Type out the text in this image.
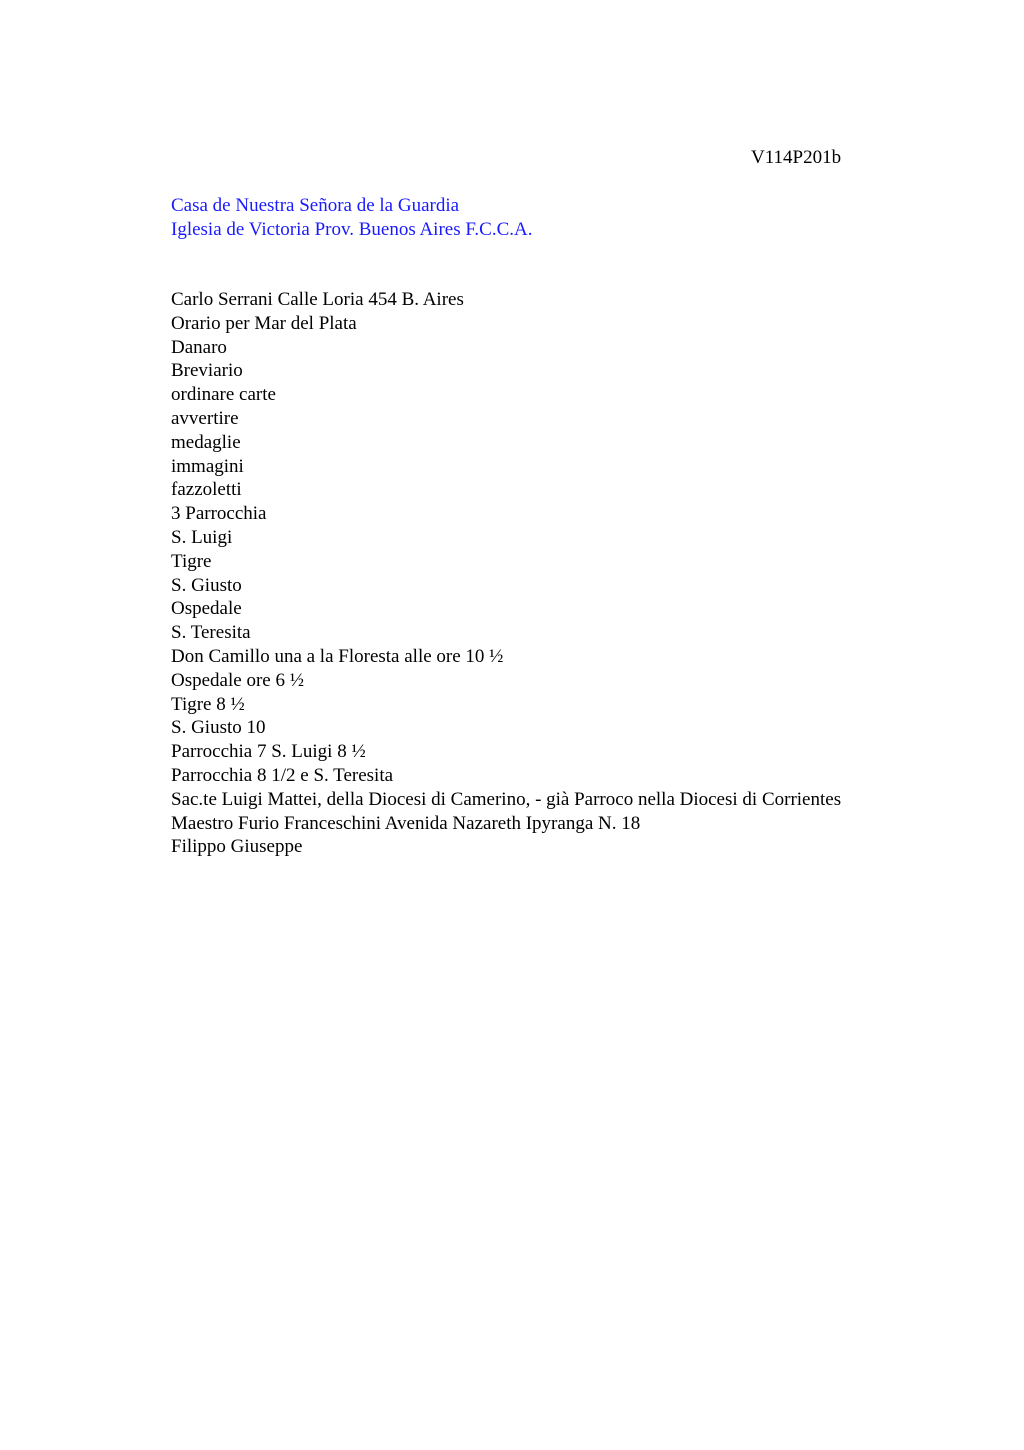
V114P201b
Casa de Nuestra Señora de la Guardia
Iglesia de Victoria Prov. Buenos Aires F.C.C.A.
Carlo Serrani Calle Loria 454 B. Aires
Orario per Mar del Plata
Danaro
Breviario
ordinare carte
avvertire
medaglie
immagini
fazzoletti
3 Parrocchia
S. Luigi
Tigre
S. Giusto
Ospedale
S. Teresita
Don Camillo una a la Floresta alle ore 10 ½
Ospedale ore 6 ½
Tigre 8 ½
S. Giusto 10
Parrocchia 7 S. Luigi 8 ½
Parrocchia 8 1/2 e S. Teresita
Sac.te Luigi Mattei, della Diocesi di Camerino, - già Parroco nella Diocesi di Corrientes
Maestro Furio Franceschini Avenida Nazareth Ipyranga N. 18
Filippo Giuseppe
